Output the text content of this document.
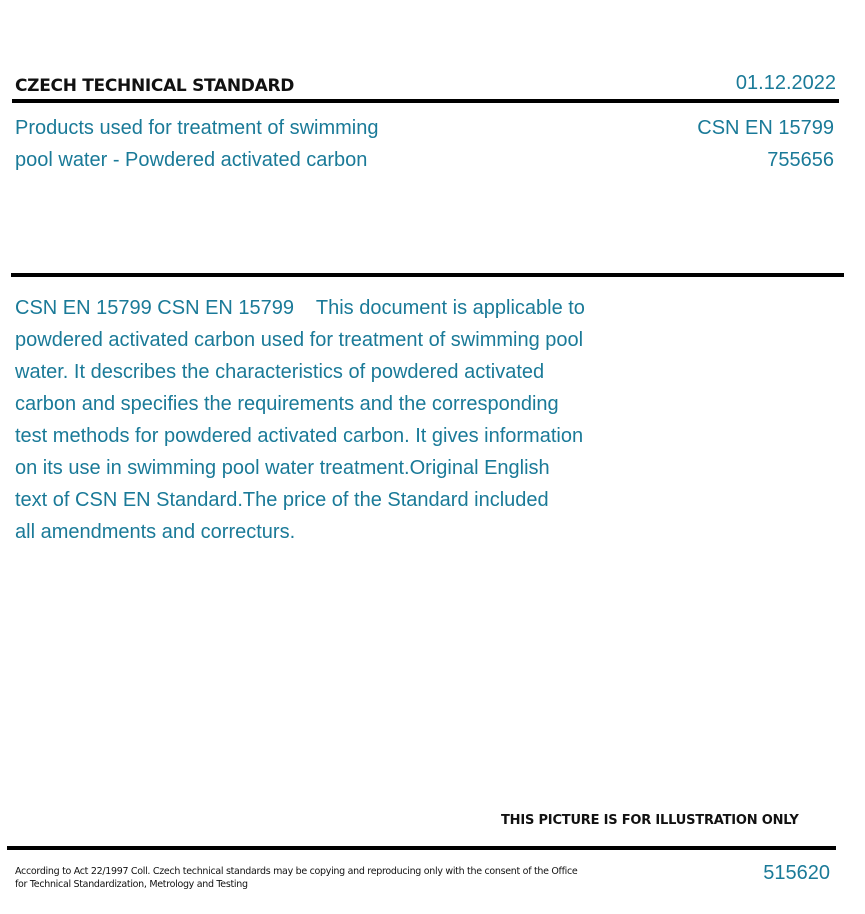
CZECH TECHNICAL STANDARD	01.12.2022
Products used for treatment of swimming
pool water - Powdered activated carbon
CSN EN 15799
755656

CSN EN 15799 CSN EN 15799    This document is applicable to
powdered activated carbon used for treatment of swimming pool
water. It describes the characteristics of powdered activated
carbon and specifies the requirements and the corresponding
test methods for powdered activated carbon. It gives information
on its use in swimming pool water treatment.Original English
text of CSN EN Standard.The price of the Standard included
all amendments and correcturs.

THIS PICTURE IS FOR ILLUSTRATION ONLY
According to Act 22/1997 Coll. Czech technical standards may be copying and reproducing only with the consent of the Office
for Technical Standardization, Metrology and Testing
515620
